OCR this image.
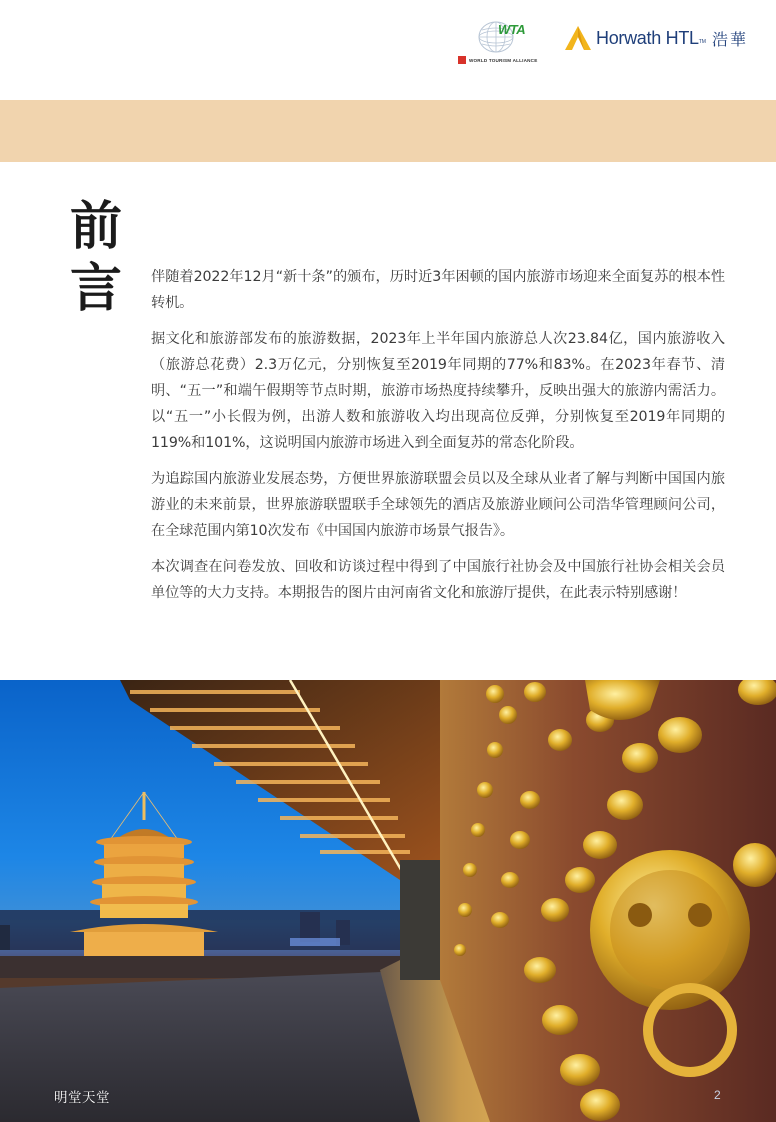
WTA
WORLD TOURISM ALLIANCE
Horwath HTL TM 浩華
前
言 伴随着2022年12月“新十条”的颁布，历时近3年困顿的国内旅游市场迎来全面复苏的根本性转机。

据文化和旅游部发布的旅游数据，2023年上半年国内旅游总人次23.84亿，国内旅游收入（旅游总花费）2.3万亿元，分别恢复至2019年同期的77%和83%。在2023年春节、清明、“五一”和端午假期等节点时期，旅游市场热度持续攀升，反映出强大的旅游内需活力。以“五一”小长假为例，出游人数和旅游收入均出现高位反弹，分别恢复至2019年同期的119%和101%，这说明国内旅游市场进入到全面复苏的常态化阶段。

为追踪国内旅游业发展态势，方便世界旅游联盟会员以及全球从业者了解与判断中国国内旅游业的未来前景，世界旅游联盟联手全球领先的酒店及旅游业顾问公司浩华管理顾问公司，在全球范围内第10次发布《中国国内旅游市场景气报告》。

本次调查在问卷发放、回收和访谈过程中得到了中国旅行社协会及中国旅行社协会相关会员单位等的大力支持。本期报告的图片由河南省文化和旅游厅提供，在此表示特别感谢！

明堂天堂	2
